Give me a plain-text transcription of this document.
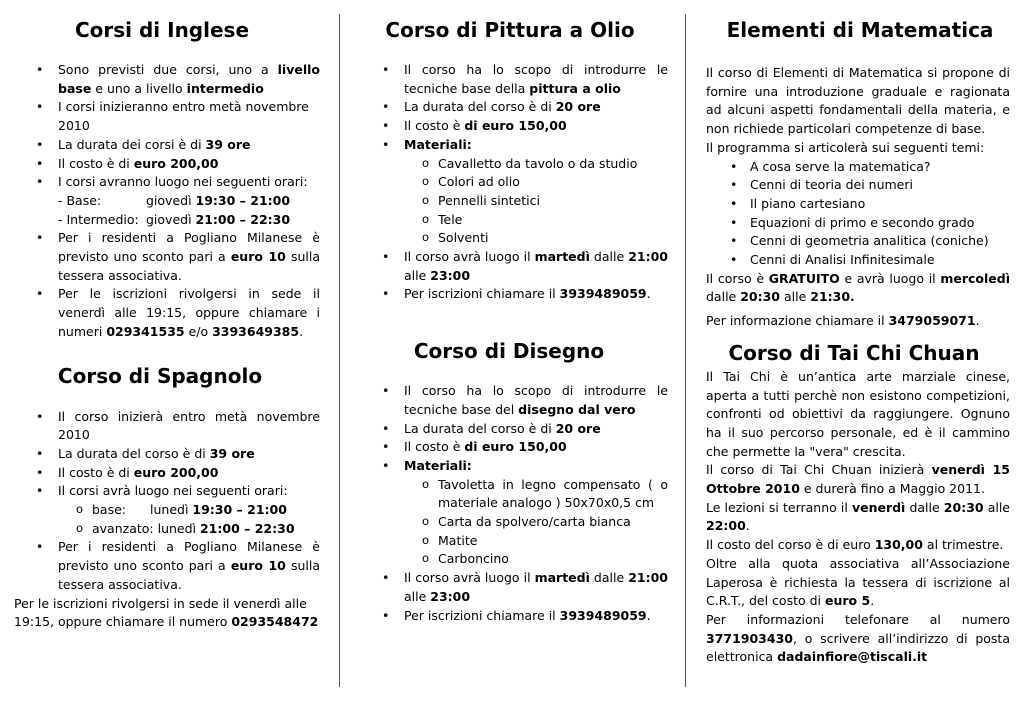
Corsi di Inglese
• Sono previsti due corsi, uno a livello base e uno a livello intermedio
• I corsi inizieranno entro metà novembre 2010
• La durata dei corsi è di 39 ore
• Il costo è di euro 200,00
• I corsi avranno luogo nei seguenti orari:
- Base:	giovedì 19:30 – 21:00
- Intermedio: giovedì 21:00 – 22:30
• Per i residenti a Pogliano Milanese è previsto uno sconto pari a euro 10 sulla tessera associativa.
• Per le iscrizioni rivolgersi in sede il venerdì alle 19:15, oppure chiamare i numeri 029341535 e/o 3393649385.
Corso di Spagnolo
• Il corso inizierà entro metà novembre 2010
• La durata del corso è di 39 ore
• Il costo è di euro 200,00
• Il corsi avrà luogo nei seguenti orari:
o base: lunedì 19:30 – 21:00
o avanzato: lunedì 21:00 – 22:30
• Per i residenti a Pogliano Milanese è previsto uno sconto pari a euro 10 sulla tessera associativa.

Per le iscrizioni rivolgersi in sede il venerdì alle 19:15, oppure chiamare il numero 0293548472

Corso di Pittura a Olio
• Il corso ha lo scopo di introdurre le tecniche base della pittura a olio
• La durata del corso è di 20 ore
• Il costo è di euro 150,00
• Materiali:
o Cavalletto da tavolo o da studio
o Colori ad olio
o Pennelli sintetici
o Tele
o Solventi
• Il corso avrà luogo il martedì dalle 21:00 alle 23:00
• Per iscrizioni chiamare il 3939489059.
Corso di Disegno
• Il corso ha lo scopo di introdurre le tecniche base del disegno dal vero
• La durata del corso è di 20 ore
• Il costo è di euro 150,00
• Materiali:
o Tavoletta in legno compensato ( o materiale analogo ) 50x70x0,5 cm
o Carta da spolvero/carta bianca
o Matite
o Carboncino
• Il corso avrà luogo il martedì dalle 21:00 alle 23:00
• Per iscrizioni chiamare il 3939489059.
Elementi di Matematica

Il corso di Elementi di Matematica si propone di fornire una introduzione graduale e ragionata ad alcuni aspetti fondamentali della materia, e non richiede particolari competenze di base.

Il programma si articolerà sui seguenti temi:

• A cosa serve la matematica?
• Cenni di teoria dei numeri
• Il piano cartesiano
• Equazioni di primo e secondo grado
• Cenni di geometria analitica (coniche)
• Cenni di Analisi Infinitesimale

Il corso è GRATUITO e avrà luogo il mercoledì dalle 20:30 alle 21:30.

Per informazione chiamare il 3479059071.

Corso di Tai Chi Chuan

Il Tai Chi è un’antica arte marziale cinese, aperta a tutti perchè non esistono competizioni, confronti od obiettivi da raggiungere. Ognuno ha il suo percorso personale, ed è il cammino che permette la "vera" crescita.

Il corso di Tai Chi Chuan inizierà venerdì 15 Ottobre 2010 e durerà fino a Maggio 2011.

Le lezioni si terranno il venerdì dalle 20:30 alle 22:00.

Il costo del corso è di euro 130,00 al trimestre.

Oltre alla quota associativa all’Associazione Laperosa è richiesta la tessera di iscrizione al C.R.T., del costo di euro 5.

Per informazioni telefonare al numero 3771903430, o scrivere all’indirizzo di posta elettronica dadainfiore@tiscali.it
